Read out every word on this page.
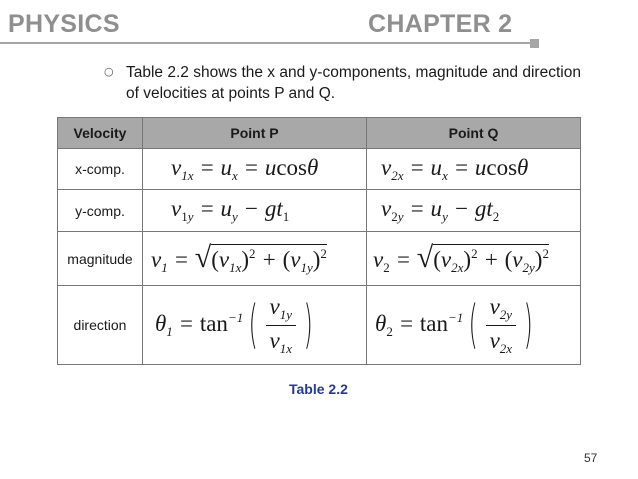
PHYSICS	CHAPTER 2
○ Table 2.2 shows the x and y-components, magnitude and direction of velocities at points P and Q.
Velocity	Point P	Point Q
x-comp.	$v_{1x} = u_x = ucos\theta$	$v_{2x} = u_x = ucos\theta$
y-comp.	$v_{1y} = u_y - gt_1$	$v_{2y} = u_y - gt_2$
magnitude	$v_1 = √(v_{1x})^2 + (v_{1y})^2$	$v_2 = √(v_{2x})^2 + (v_{2y})^2$
direction	$\theta_1 = \tan^{-1}$ ( $\frac{v_{1y}}{v_{1x}}$ )	$\theta_2 = \tan^{-1}$ ( $\frac{v_{2y}}{v_{2x}}$ )
Table 2.2
57
